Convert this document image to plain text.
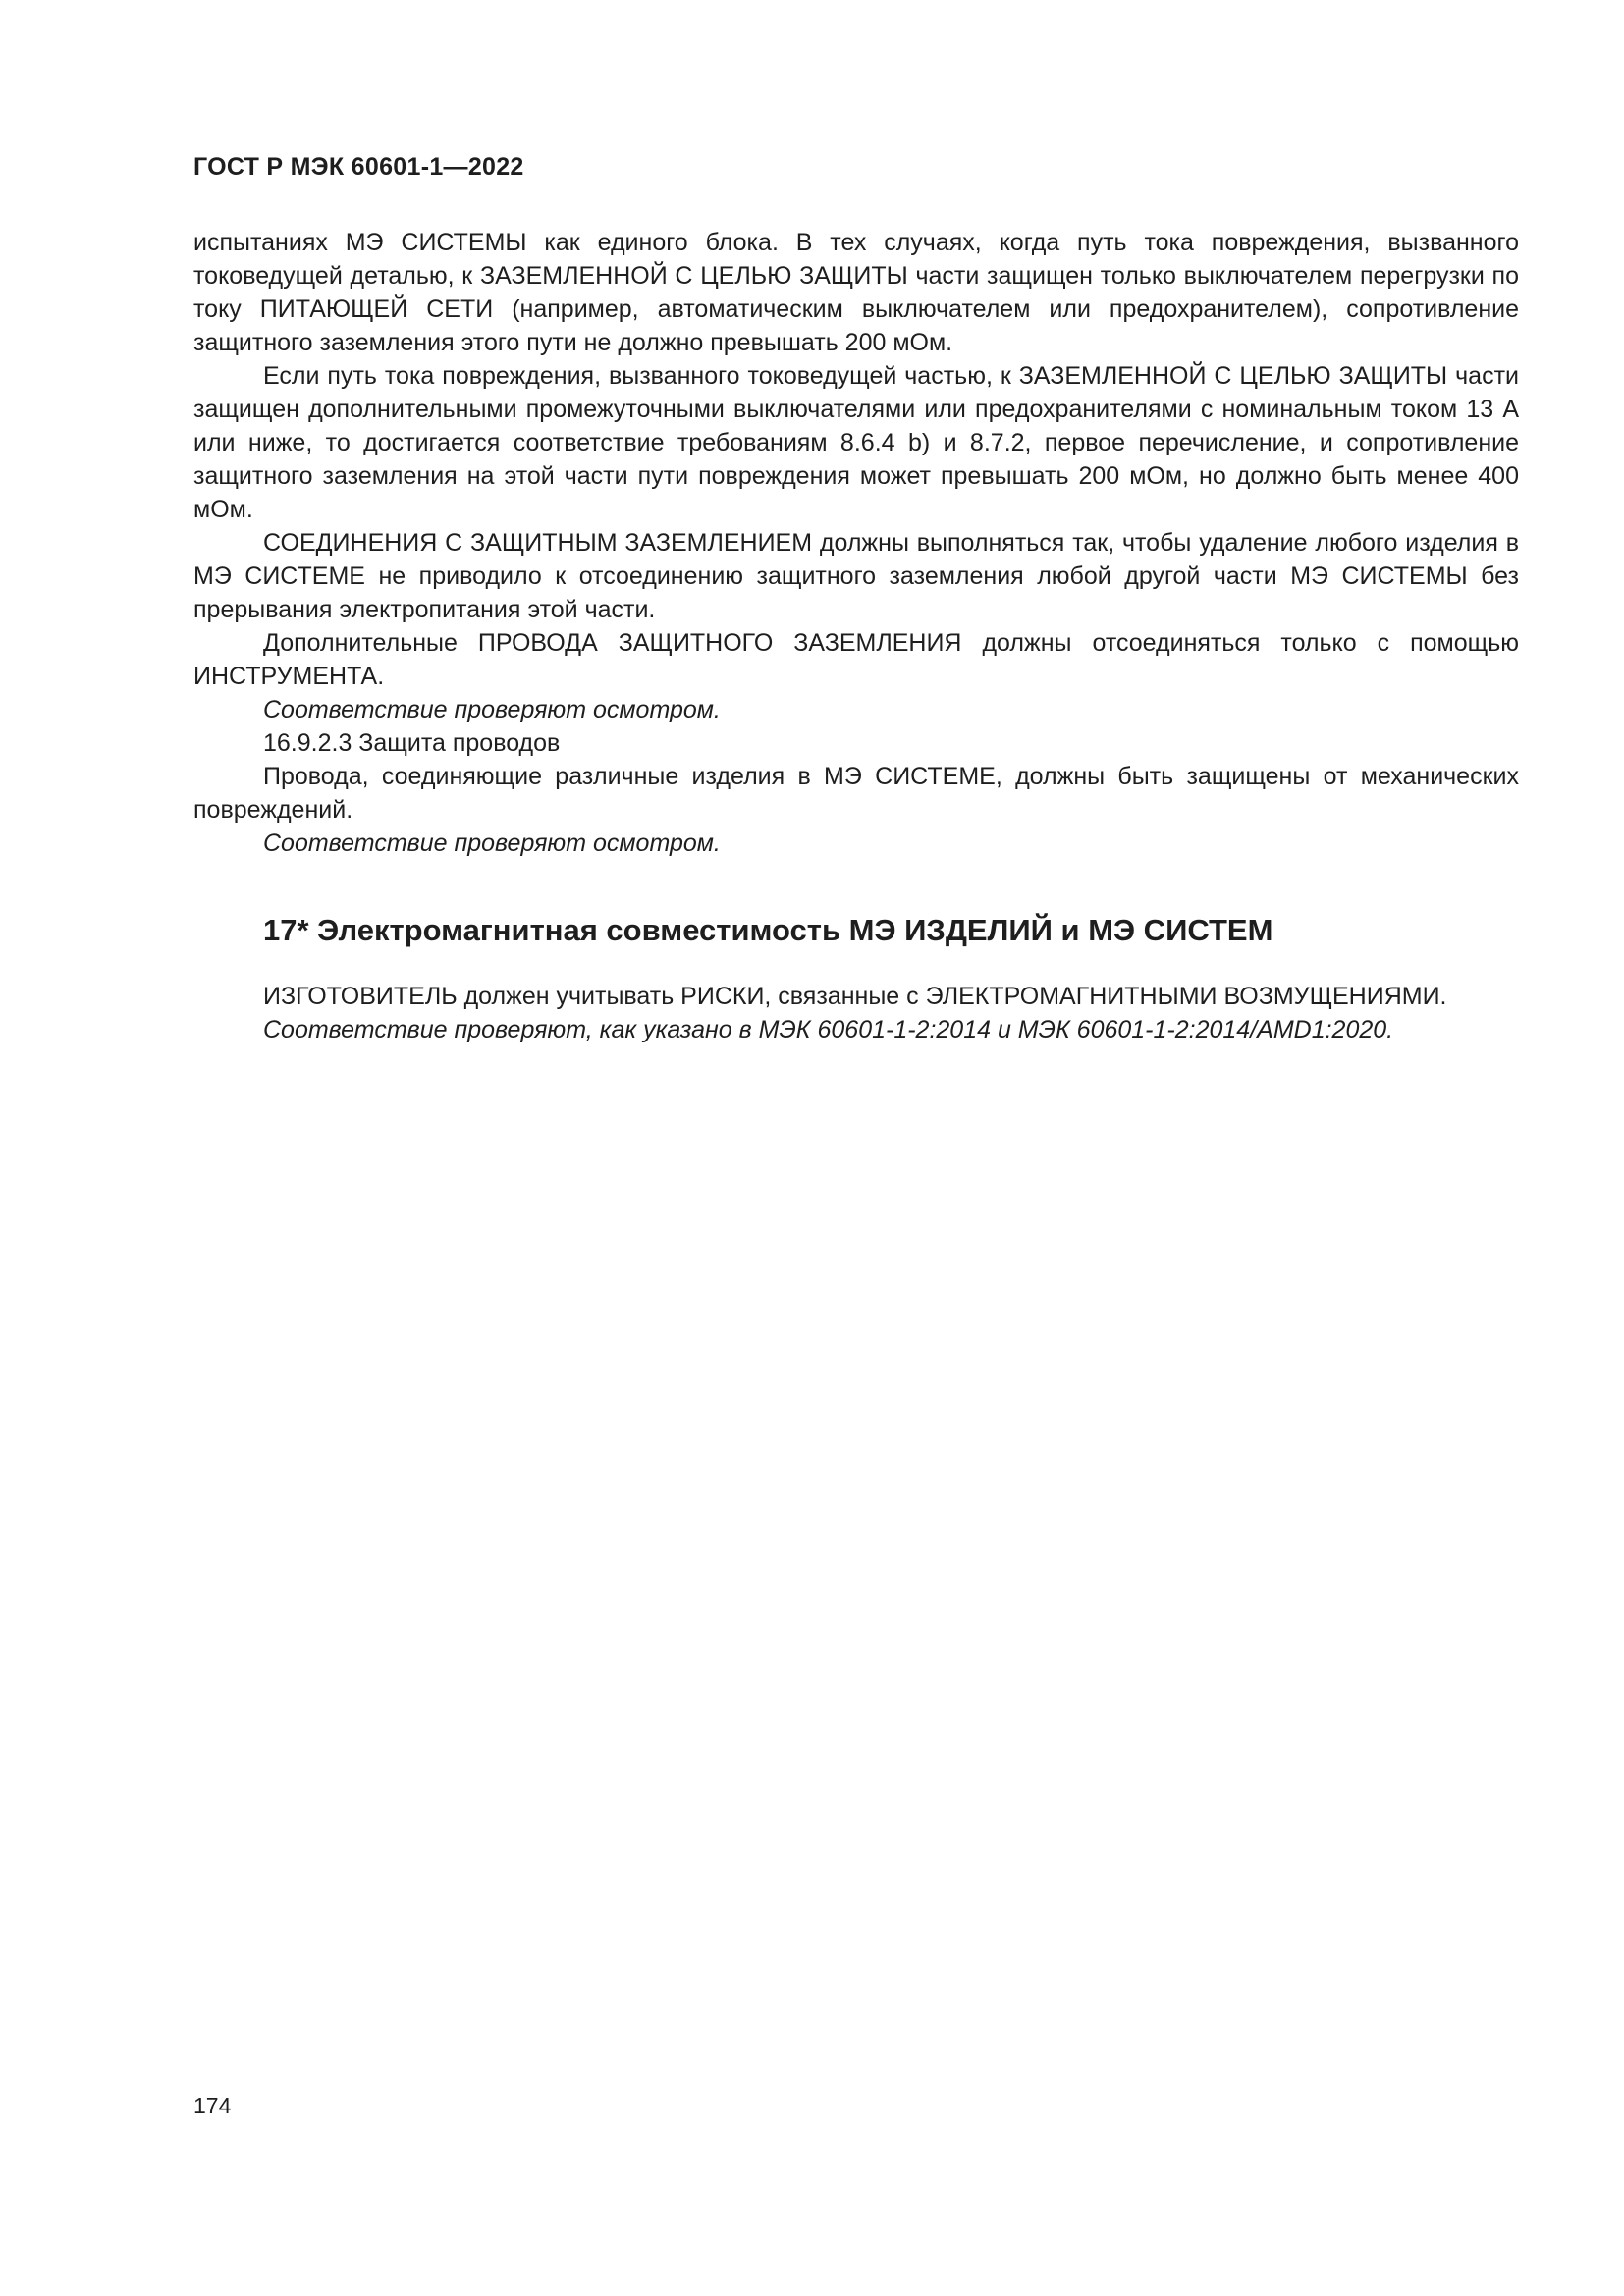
ГОСТ Р МЭК 60601-1—2022

испытаниях МЭ СИСТЕМЫ как единого блока. В тех случаях, когда путь тока повреждения, вызванного токоведущей деталью, к ЗАЗЕМЛЕННОЙ С ЦЕЛЬЮ ЗАЩИТЫ части защищен только выключателем перегрузки по току ПИТАЮЩЕЙ СЕТИ (например, автоматическим выключателем или предохранителем), сопротивление защитного заземления этого пути не должно превышать 200 мОм.

Если путь тока повреждения, вызванного токоведущей частью, к ЗАЗЕМЛЕННОЙ С ЦЕЛЬЮ ЗАЩИТЫ части защищен дополнительными промежуточными выключателями или предохранителями с номинальным током 13 А или ниже, то достигается соответствие требованиям 8.6.4 b) и 8.7.2, первое перечисление, и сопротивление защитного заземления на этой части пути повреждения может превышать 200 мОм, но должно быть менее 400 мОм.

СОЕДИНЕНИЯ С ЗАЩИТНЫМ ЗАЗЕМЛЕНИЕМ должны выполняться так, чтобы удаление любого изделия в МЭ СИСТЕМЕ не приводило к отсоединению защитного заземления любой другой части МЭ СИСТЕМЫ без прерывания электропитания этой части.

Дополнительные ПРОВОДА ЗАЩИТНОГО ЗАЗЕМЛЕНИЯ должны отсоединяться только с помощью ИНСТРУМЕНТА.

Соответствие проверяют осмотром.

16.9.2.3 Защита проводов

Провода, соединяющие различные изделия в МЭ СИСТЕМЕ, должны быть защищены от механических повреждений.

Соответствие проверяют осмотром.

17* Электромагнитная совместимость МЭ ИЗДЕЛИЙ и МЭ СИСТЕМ

ИЗГОТОВИТЕЛЬ должен учитывать РИСКИ, связанные с ЭЛЕКТРОМАГНИТНЫМИ ВОЗМУЩЕНИЯМИ.

Соответствие проверяют, как указано в МЭК 60601-1-2:2014 и МЭК 60601-1-2:2014/AMD1:2020.

174
